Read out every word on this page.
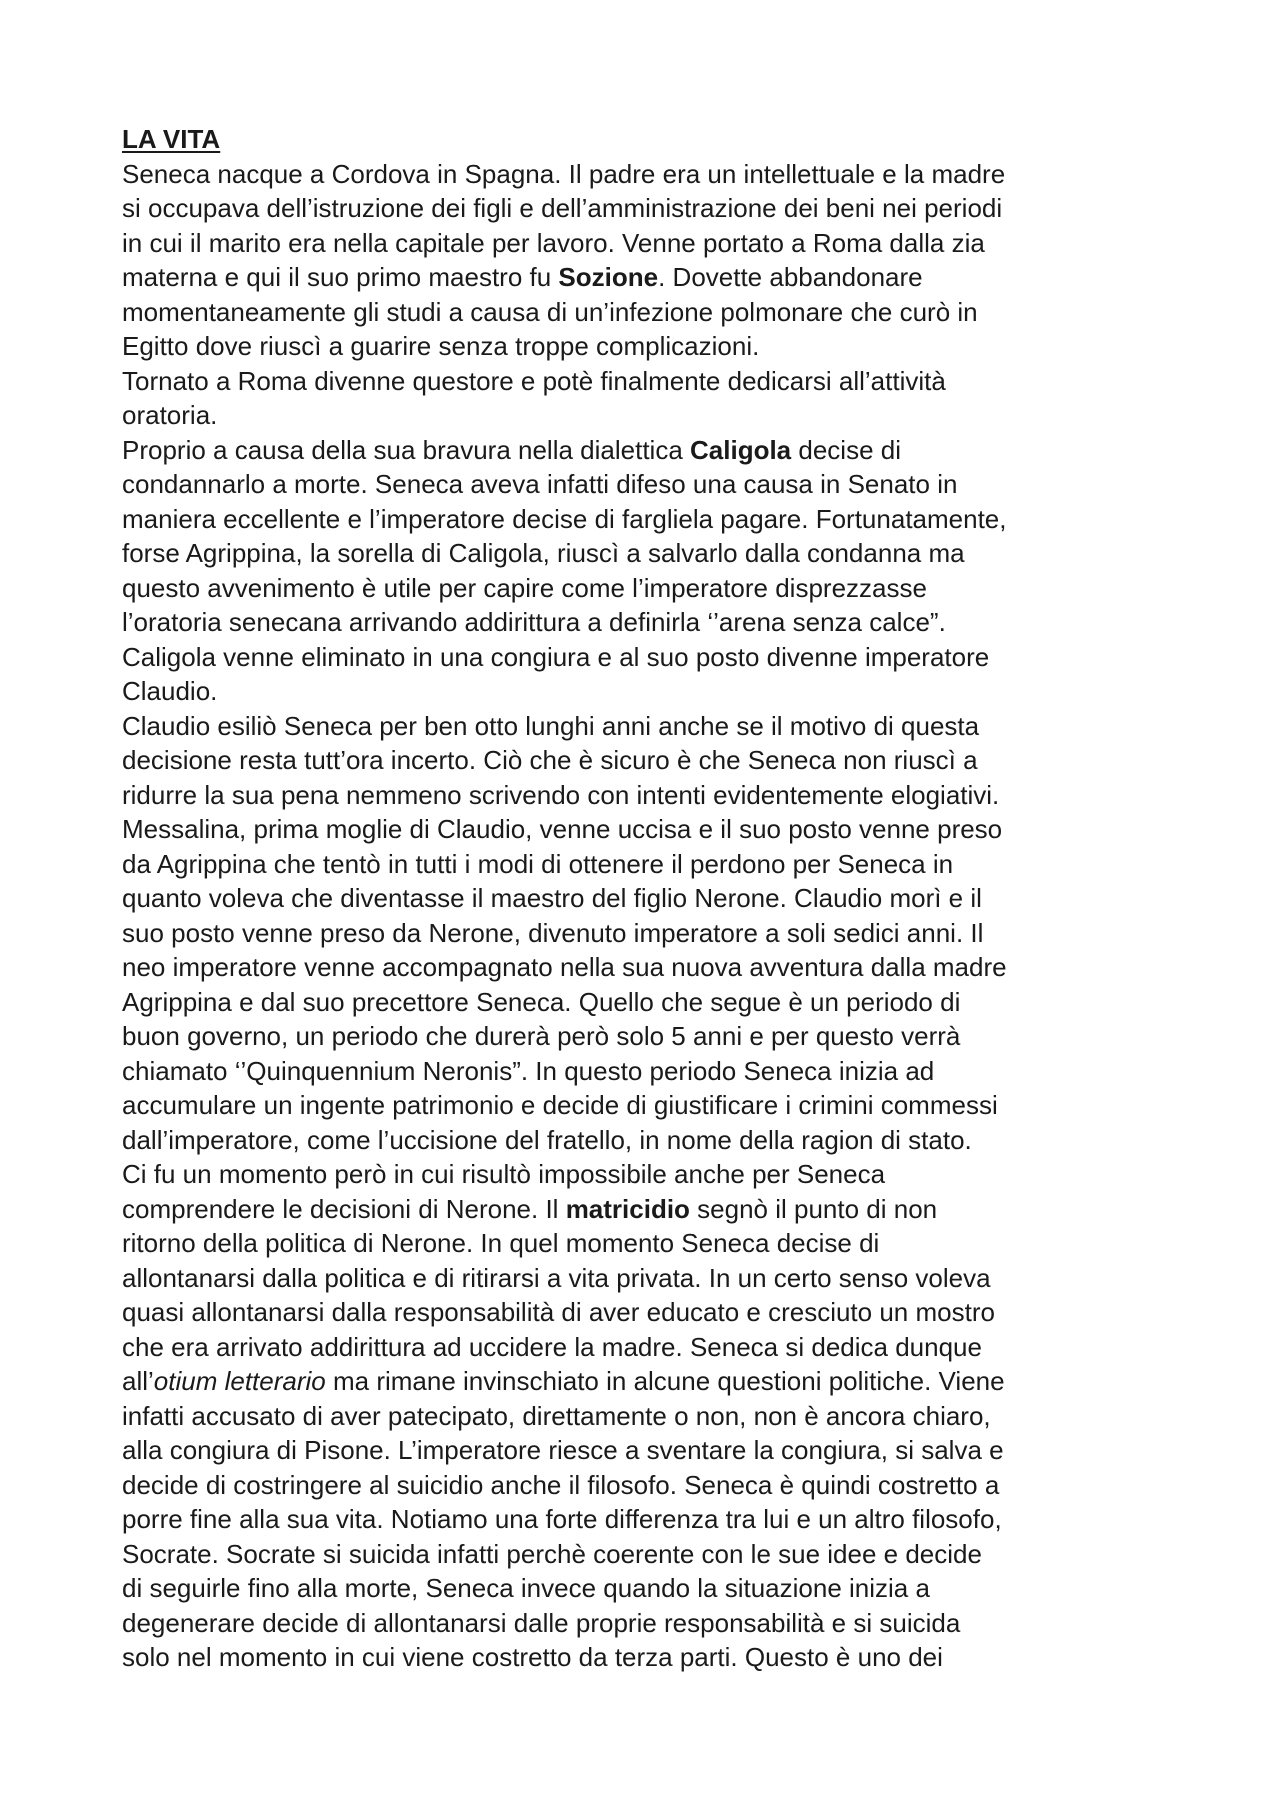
LA VITA
Seneca nacque a Cordova in Spagna. Il padre era un intellettuale e la madre
si occupava dell’istruzione dei figli e dell’amministrazione dei beni nei periodi
in cui il marito era nella capitale per lavoro. Venne portato a Roma dalla zia
materna e qui il suo primo maestro fu Sozione. Dovette abbandonare
momentaneamente gli studi a causa di un’infezione polmonare che curò in
Egitto dove riuscì a guarire senza troppe complicazioni.
Tornato a Roma divenne questore e potè finalmente dedicarsi all’attività
oratoria.
Proprio a causa della sua bravura nella dialettica Caligola decise di
condannarlo a morte. Seneca aveva infatti difeso una causa in Senato in
maniera eccellente e l’imperatore decise di fargliela pagare. Fortunatamente,
forse Agrippina, la sorella di Caligola, riuscì a salvarlo dalla condanna ma
questo avvenimento è utile per capire come l’imperatore disprezzasse
l’oratoria senecana arrivando addirittura a definirla ‘’arena senza calce”.
Caligola venne eliminato in una congiura e al suo posto divenne imperatore
Claudio.
Claudio esiliò Seneca per ben otto lunghi anni anche se il motivo di questa
decisione resta tutt’ora incerto. Ciò che è sicuro è che Seneca non riuscì a
ridurre la sua pena nemmeno scrivendo con intenti evidentemente elogiativi.
Messalina, prima moglie di Claudio, venne uccisa e il suo posto venne preso
da Agrippina che tentò in tutti i modi di ottenere il perdono per Seneca in
quanto voleva che diventasse il maestro del figlio Nerone. Claudio morì e il
suo posto venne preso da Nerone, divenuto imperatore a soli sedici anni. Il
neo imperatore venne accompagnato nella sua nuova avventura dalla madre
Agrippina e dal suo precettore Seneca. Quello che segue è un periodo di
buon governo, un periodo che durerà però solo 5 anni e per questo verrà
chiamato ‘’Quinquennium Neronis”. In questo periodo Seneca inizia ad
accumulare un ingente patrimonio e decide di giustificare i crimini commessi
dall’imperatore, come l’uccisione del fratello, in nome della ragion di stato.
Ci fu un momento però in cui risultò impossibile anche per Seneca
comprendere le decisioni di Nerone. Il matricidio segnò il punto di non
ritorno della politica di Nerone. In quel momento Seneca decise di
allontanarsi dalla politica e di ritirarsi a vita privata. In un certo senso voleva
quasi allontanarsi dalla responsabilità di aver educato e cresciuto un mostro
che era arrivato addirittura ad uccidere la madre. Seneca si dedica dunque
all’otium letterario ma rimane invinschiato in alcune questioni politiche. Viene
infatti accusato di aver patecipato, direttamente o non, non è ancora chiaro,
alla congiura di Pisone. L’imperatore riesce a sventare la congiura, si salva e
decide di costringere al suicidio anche il filosofo. Seneca è quindi costretto a
porre fine alla sua vita. Notiamo una forte differenza tra lui e un altro filosofo,
Socrate. Socrate si suicida infatti perchè coerente con le sue idee e decide
di seguirle fino alla morte, Seneca invece quando la situazione inizia a
degenerare decide di allontanarsi dalle proprie responsabilità e si suicida
solo nel momento in cui viene costretto da terza parti. Questo è uno dei
